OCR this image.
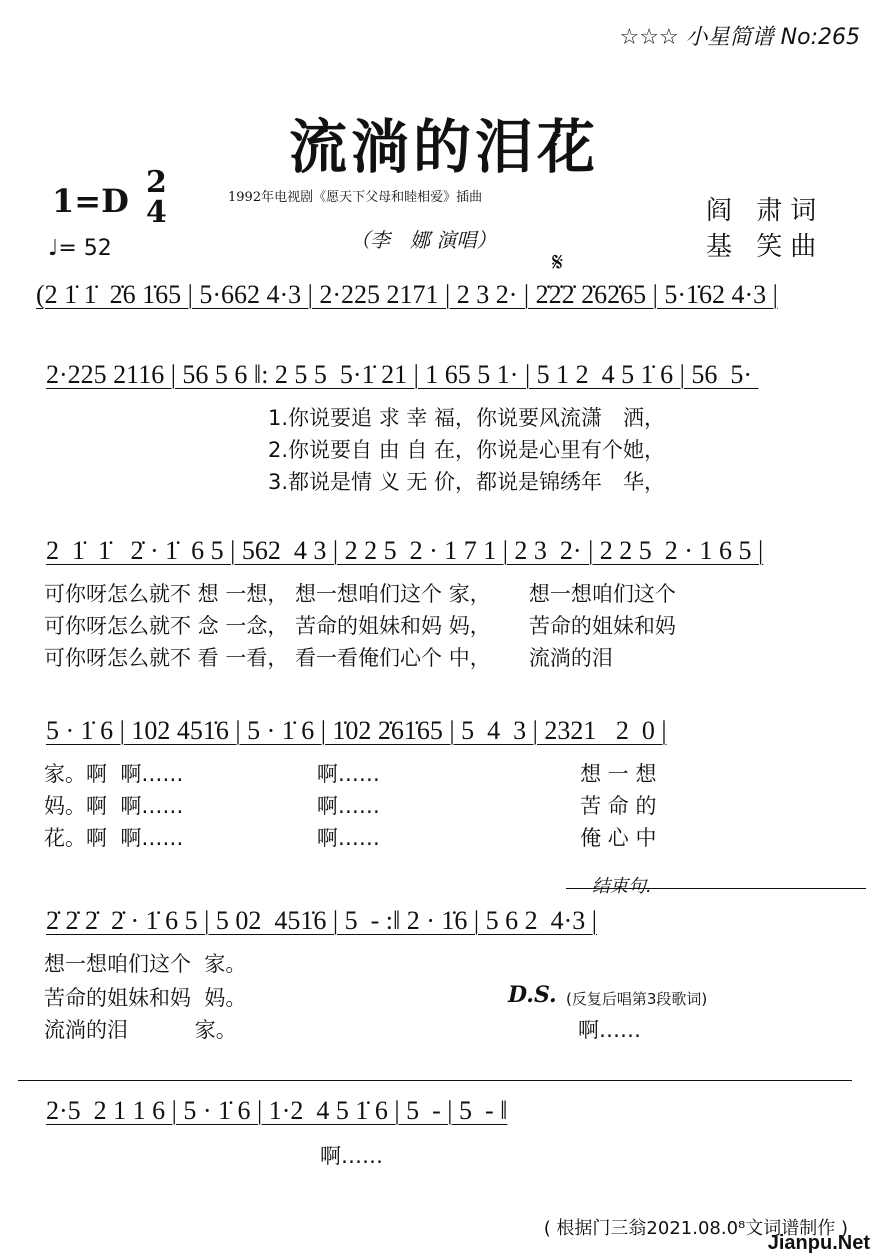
☆☆☆ 小星简谱 No:265
流淌的泪花
1=D 2
4
♩= 52
1992年电视剧《愿天下父母和睦相爱》插曲
（李　娜 演唱）
阎 肃词
基 笑曲
𝄋
(2 1̇ 1̇  2̇6 1̇65 | 5·662 4·3 | 2·225 2171 | 2 3 2· | 2̇2̇2̇ 2̇62̇65 | 5·1̇62 4·3 |
2·225 2116 | 56 5 6 ‖: 2 5 5  5·1̇ 21 | 1 65 5 1· | 5 1 2  4 5 1̇ 6 | 56  5·
1.你说要追 求 幸 福，你说要风流潇　洒，
2.你说要自 由 自 在，你说是心里有个她，
3.都说是情 义 无 价，都说是锦绣年　华，
2  1̇  1̇   2̇ · 1̇  6 5 | 562  4 3 | 2 2 5  2 · 1 7 1 | 2 3  2· | 2 2 5  2 · 1 6 5 |
可你呀怎么就不 想 一想， 想一想咱们这个 家，　　 想一想咱们这个
可你呀怎么就不 念 一念， 苦命的姐妹和妈 妈，　　 苦命的姐妹和妈
可你呀怎么就不 看 一看， 看一看俺们心个 中，　　 流淌的泪
5 · 1̇ 6 | 102 451̇6 | 5 · 1̇ 6 | 1̇02 2̇61̇65 | 5  4  3 | 2321   2  0 |
家。啊  啊……                    啊……                              想 一 想
妈。啊  啊……                    啊……                              苦 命 的
花。啊  啊……                    啊……                              俺 心 中
结束句.
2̇ 2̇ 2̇  2̇ · 1̇ 6 5 | 5 02  451̇6 | 5  - :‖ 2 · 1̇6 | 5 6 2  4·3 |
想一想咱们这个  家。
苦命的姐妹和妈  妈。
流淌的泪          家。
D.S. (反复后唱第3段歌词)
啊……
2·5  2 1 1 6 | 5 · 1̇ 6 | 1·2  4 5 1̇ 6 | 5  - | 5  - ‖
啊……
( 根据门三翁2021.08.0⁸文词谱制作 )
Jianpu.Net
